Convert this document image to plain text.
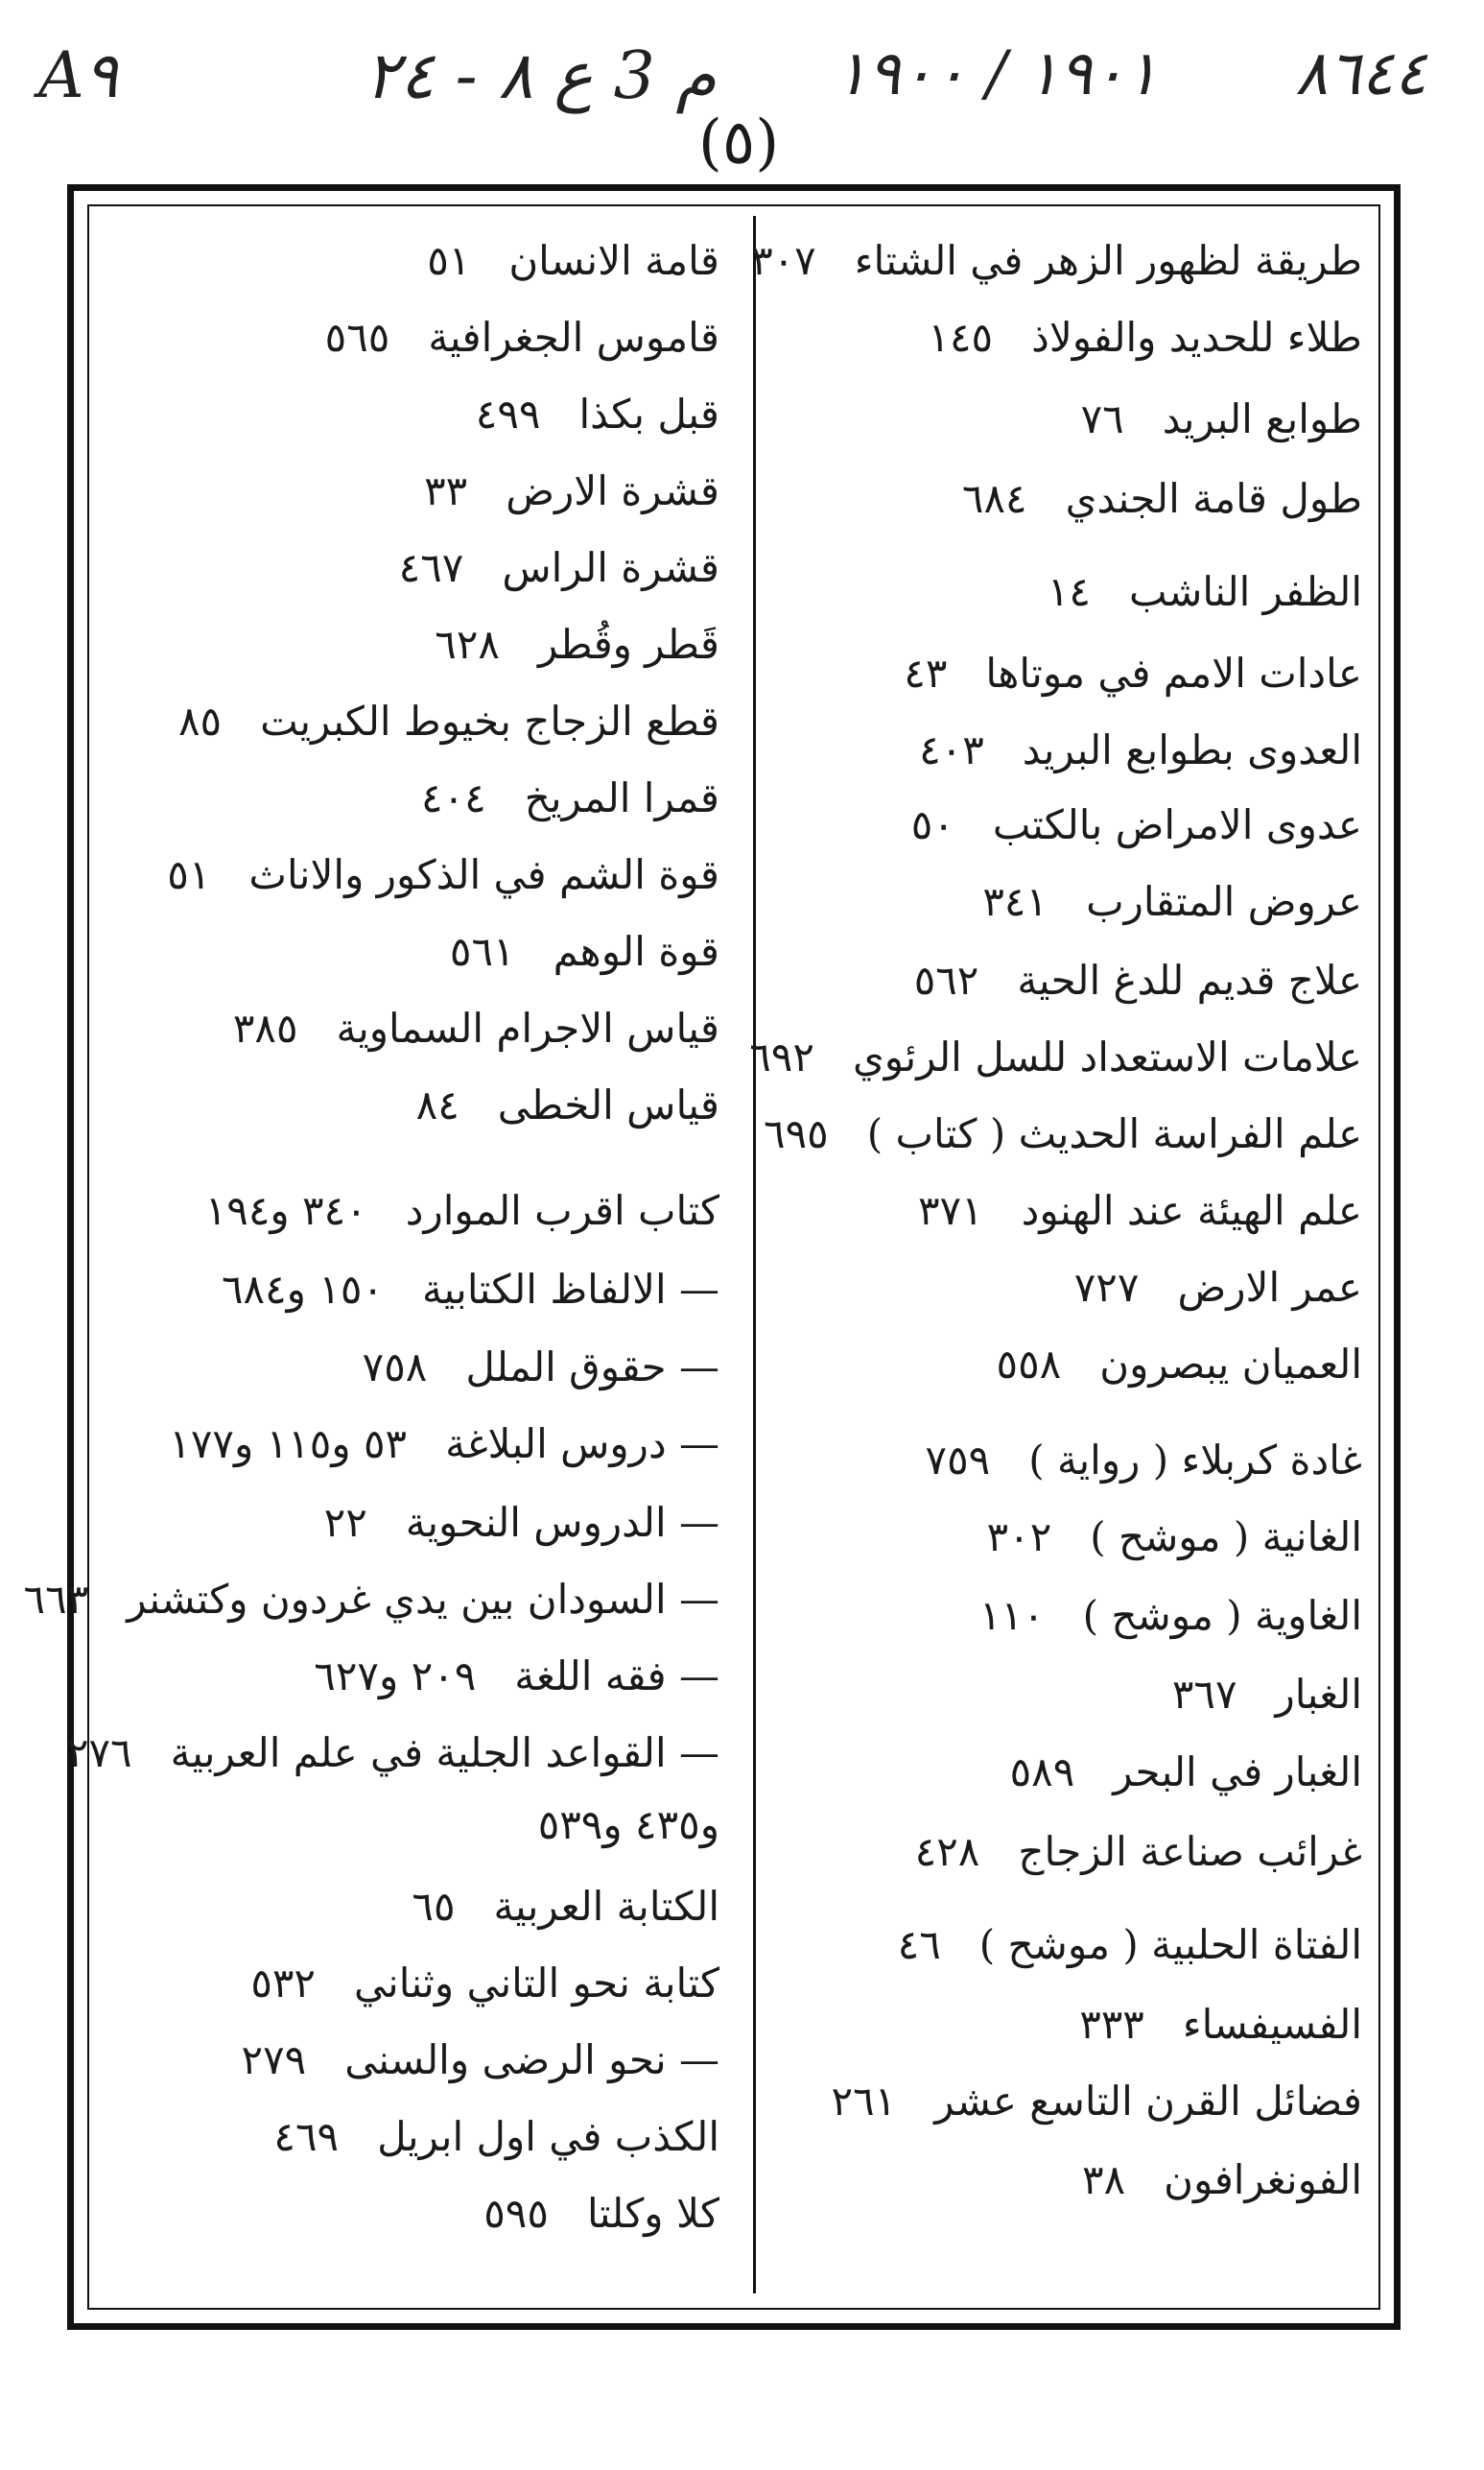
A٩	م 3 ع ٨ - ٢٤ ١٩٠١ / ١٩٠٠ ٨٦٤٤
(٥)
طريقة لظهور الزهر في الشتاء٣٠٧
طلاء للحديد والفولاذ١٤٥
طوابع البريد٧٦
طول قامة الجندي٦٨٤
الظفر الناشب١٤
عادات الامم في موتاها٤٣
العدوى بطوابع البريد٤٠٣
عدوى الامراض بالكتب٥٠
عروض المتقارب٣٤١
علاج قديم للدغ الحية٥٦٢
علامات الاستعداد للسل الرئوي٦٩٢
علم الفراسة الحديث ( كتاب )٦٩٥
علم الهيئة عند الهنود٣٧١
عمر الارض٧٢٧
العميان يبصرون٥٥٨
غادة كربلاء ( رواية )٧٥٩
الغانية ( موشح )٣٠٢
الغاوية ( موشح )١١٠
الغبار٣٦٧
الغبار في البحر٥٨٩
غرائب صناعة الزجاج٤٢٨
الفتاة الحلبية ( موشح )٤٦
الفسيفساء٣٣٣
فضائل القرن التاسع عشر٢٦١
الفونغرافون٣٨
قامة الانسان٥١
قاموس الجغرافية٥٦٥
قبل بكذا٤٩٩
قشرة الارض٣٣
قشرة الراس٤٦٧
قَطر وقُطر٦٢٨
قطع الزجاج بخيوط الكبريت٨٥
قمرا المريخ٤٠٤
قوة الشم في الذكور والاناث٥١
قوة الوهم٥٦١
قياس الاجرام السماوية٣٨٥
قياس الخطى٨٤
كتاب اقرب الموارد٣٤٠ و١٩٤
— الالفاظ الكتابية١٥٠ و٦٨٤
— حقوق الملل٧٥٨
— دروس البلاغة٥٣ و١١٥ و١٧٧
— الدروس النحوية٢٢
— السودان بين يدي غردون وكتشنر٦٦٣
— فقه اللغة٢٠٩ و٦٢٧
— القواعد الجلية في علم العربية٢٧٦
و٤٣٥ و٥٣٩
الكتابة العربية٦٥
كتابة نحو التاني وثناني٥٣٢
— نحو الرضى والسنى٢٧٩
الكذب في اول ابريل٤٦٩
كلا وكلتا٥٩٥
